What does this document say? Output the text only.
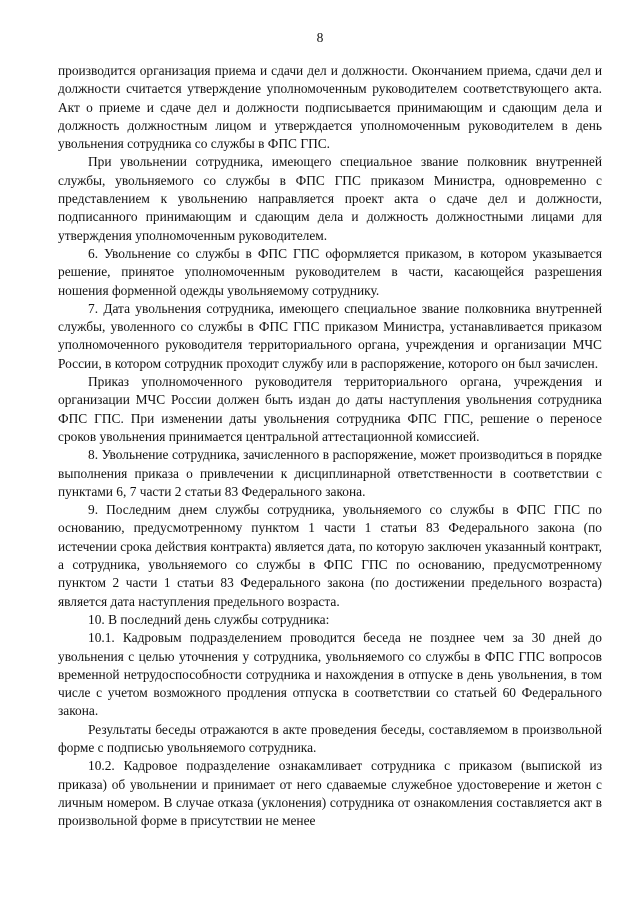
8

производится организация приема и сдачи дел и должности. Окончанием приема, сдачи дел и должности считается утверждение уполномоченным руководителем соответствующего акта. Акт о приеме и сдаче дел и должности подписывается принимающим и сдающим дела и должность должностным лицом и утверждается уполномоченным руководителем в день увольнения сотрудника со службы в ФПС ГПС.

При увольнении сотрудника, имеющего специальное звание полковник внутренней службы, увольняемого со службы в ФПС ГПС приказом Министра, одновременно с представлением к увольнению направляется проект акта о сдаче дел и должности, подписанного принимающим и сдающим дела и должность должностными лицами для утверждения уполномоченным руководителем.

6. Увольнение со службы в ФПС ГПС оформляется приказом, в котором указывается решение, принятое уполномоченным руководителем в части, касающейся разрешения ношения форменной одежды увольняемому сотруднику.

7. Дата увольнения сотрудника, имеющего специальное звание полковника внутренней службы, уволенного со службы в ФПС ГПС приказом Министра, устанавливается приказом уполномоченного руководителя территориального органа, учреждения и организации МЧС России, в котором сотрудник проходит службу или в распоряжение, которого он был зачислен.

Приказ уполномоченного руководителя территориального органа, учреждения и организации МЧС России должен быть издан до даты наступления увольнения сотрудника ФПС ГПС. При изменении даты увольнения сотрудника ФПС ГПС, решение о переносе сроков увольнения принимается центральной аттестационной комиссией.

8. Увольнение сотрудника, зачисленного в распоряжение, может производиться в порядке выполнения приказа о привлечении к дисциплинарной ответственности в соответствии с пунктами 6, 7 части 2 статьи 83 Федерального закона.

9. Последним днем службы сотрудника, увольняемого со службы в ФПС ГПС по основанию, предусмотренному пунктом 1 части 1 статьи 83 Федерального закона (по истечении срока действия контракта) является дата, по которую заключен указанный контракт, а сотрудника, увольняемого со службы в ФПС ГПС по основанию, предусмотренному пунктом 2 части 1 статьи 83 Федерального закона (по достижении предельного возраста) является дата наступления предельного возраста.

10. В последний день службы сотрудника:

10.1. Кадровым подразделением проводится беседа не позднее чем за 30 дней до увольнения с целью уточнения у сотрудника, увольняемого со службы в ФПС ГПС вопросов временной нетрудоспособности сотрудника и нахождения в отпуске в день увольнения, в том числе с учетом возможного продления отпуска в соответствии со статьей 60 Федерального закона.

Результаты беседы отражаются в акте проведения беседы, составляемом в произвольной форме с подписью увольняемого сотрудника.

10.2. Кадровое подразделение ознакамливает сотрудника с приказом (выпиской из приказа) об увольнении и принимает от него сдаваемые служебное удостоверение и жетон с личным номером. В случае отказа (уклонения) сотрудника от ознакомления составляется акт в произвольной форме в присутствии не менее
